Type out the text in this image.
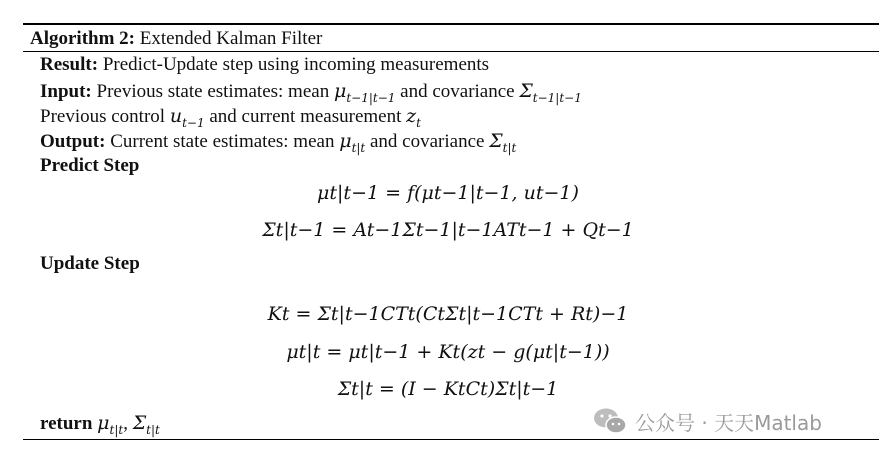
Algorithm 2: Extended Kalman Filter
Result: Predict-Update step using incoming measurements
Input: Previous state estimates: mean $\mu_{t-1|t-1}$ and covariance $\Sigma_{t-1|t-1}$
Previous control $u_{t-1}$ and current measurement $z_t$
Output: Current state estimates: mean $\mu_{t|t}$ and covariance $\Sigma_{t|t}$
Predict Step
μt|t−1 = f(μt−1|t−1, ut−1)
Σt|t−1 = At−1Σt−1|t−1ATt−1 + Qt−1
Update Step
Kt = Σt|t−1CTt(CtΣt|t−1CTt + Rt)−1
μt|t = μt|t−1 + Kt(zt − g(μt|t−1))
Σt|t = (I − KtCt)Σt|t−1
return $\mu_{t|t}$, $\Sigma_{t|t}$	公众号 · 天天Matlab
